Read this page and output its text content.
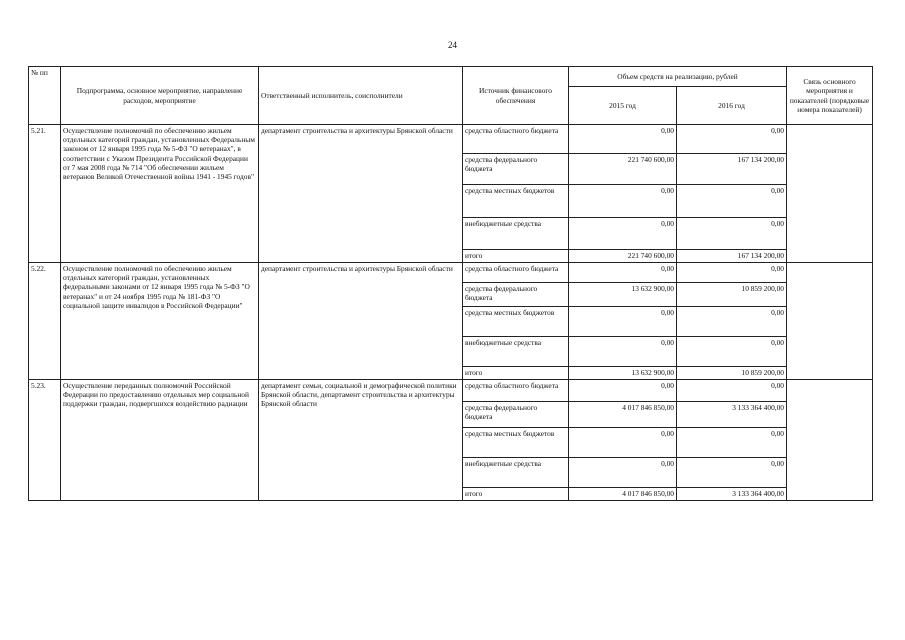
24
№ пп	Подпрограмма, основное мероприятие, направление расходов, мероприятие	Ответственный исполнитель, соисполнители	Источник финансового обеспечения	Объем средств на реализацию, рублей		Связь основного мероприятия и показателей (порядковые номера показателей)
				2015 год	2016 год	
5.21.	Осуществление полномочий по обеспечению жильем отдельных категорий граждан, установленных Федеральным законом от 12 января 1995 года № 5-ФЗ "О ветеранах", в соответствии с Указом Президента Российской Федерации от 7 мая 2008 года № 714 "Об обеспечении жильем ветеранов Великой Отечественной войны 1941 - 1945 годов"	департамент строительства и архитектуры Брянской области	средства областного бюджета	0,00	0,00	
			средства федерального бюджета	221 740 600,00	167 134 200,00	
			средства местных бюджетов	0,00	0,00	
			внебюджетные средства	0,00	0,00	
			итого	221 740 600,00	167 134 200,00	
5.22.	Осуществление полномочий по обеспечению жильем отдельных категорий граждан, установленных федеральными законами от 12 января 1995 года № 5-ФЗ "О ветеранах" и от 24 ноября 1995 года № 181-ФЗ "О социальной защите инвалидов в Российской Федерации"	департамент строительства и архитектуры Брянской области	средства областного бюджета	0,00	0,00	
			средства федерального бюджета	13 632 900,00	10 859 200,00	
			средства местных бюджетов	0,00	0,00	
			внебюджетные средства	0,00	0,00	
			итого	13 632 900,00	10 859 200,00	
5.23.	Осуществление переданных полномочий Российской Федерации по предоставлению отдельных мер социальной поддержки граждан, подвергшихся воздействию радиации	департамент семьи, социальной и демографической политики Брянской области, департамент строительства и архитектуры Брянской области	средства областного бюджета	0,00	0,00	
			средства федерального бюджета	4 017 846 850,00	3 133 364 400,00	
			средства местных бюджетов	0,00	0,00	
			внебюджетные средства	0,00	0,00	
			итого	4 017 846 850,00	3 133 364 400,00	
